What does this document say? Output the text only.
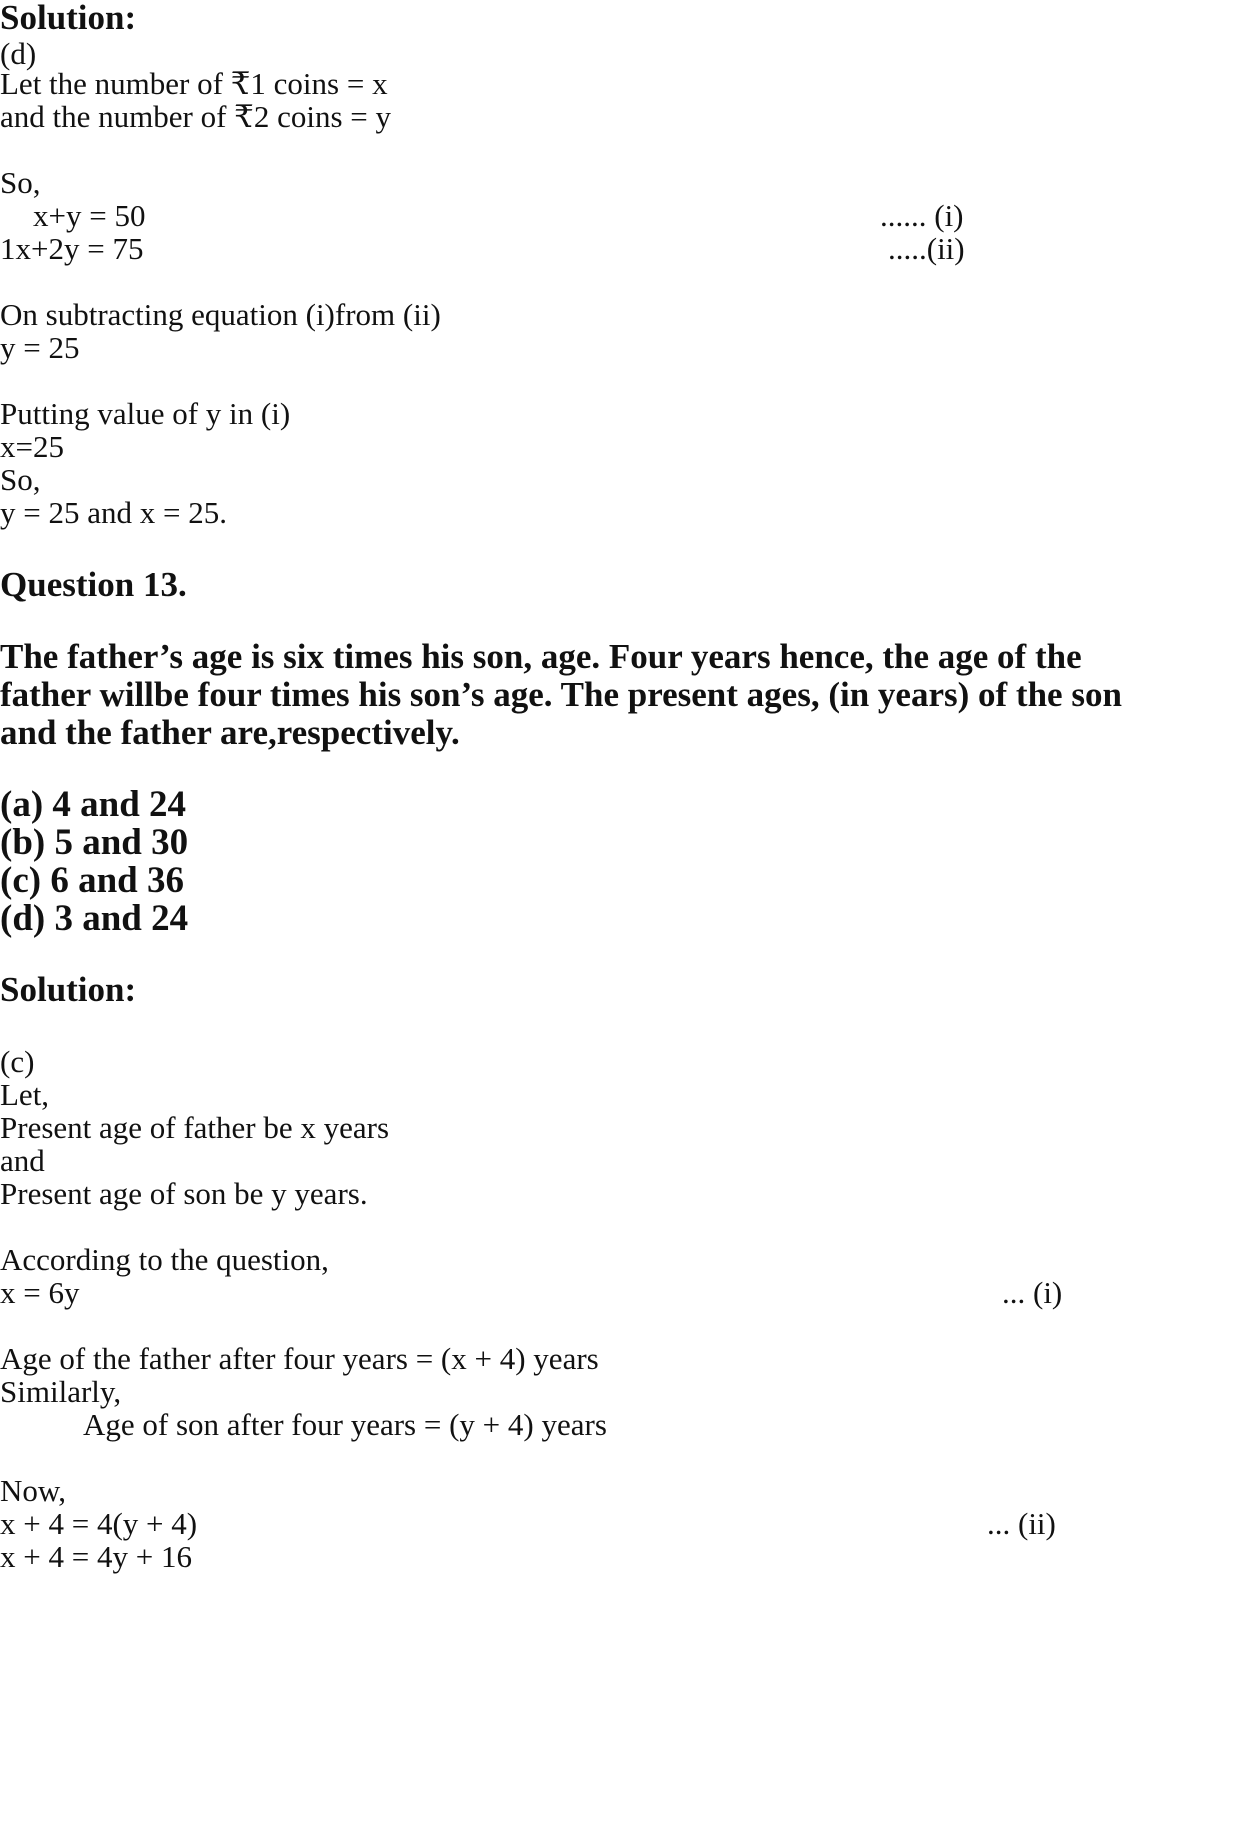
Solution:
(d)
Let the number of ₹1 coins = x
and the number of ₹2 coins = y
So,
x+y = 50	...... (i)
1x+2y = 75	.....(ii)
On subtracting equation (i)from (ii)
y = 25
Putting value of y in (i)
x=25
So,
y = 25 and x = 25.
Question 13.
The father’s age is six times his son, age. Four years hence, the age of the
father willbe four times his son’s age. The present ages, (in years) of the son
and the father are,respectively.
(a) 4 and 24
(b) 5 and 30
(c) 6 and 36
(d) 3 and 24
Solution:
(c)
Let,
Present age of father be x years
and
Present age of son be y years.
According to the question,
x = 6y	... (i)
Age of the father after four years = (x + 4) years
Similarly,
Age of son after four years = (y + 4) years
Now,
x + 4 = 4(y + 4)	... (ii)
x + 4 = 4y + 16
